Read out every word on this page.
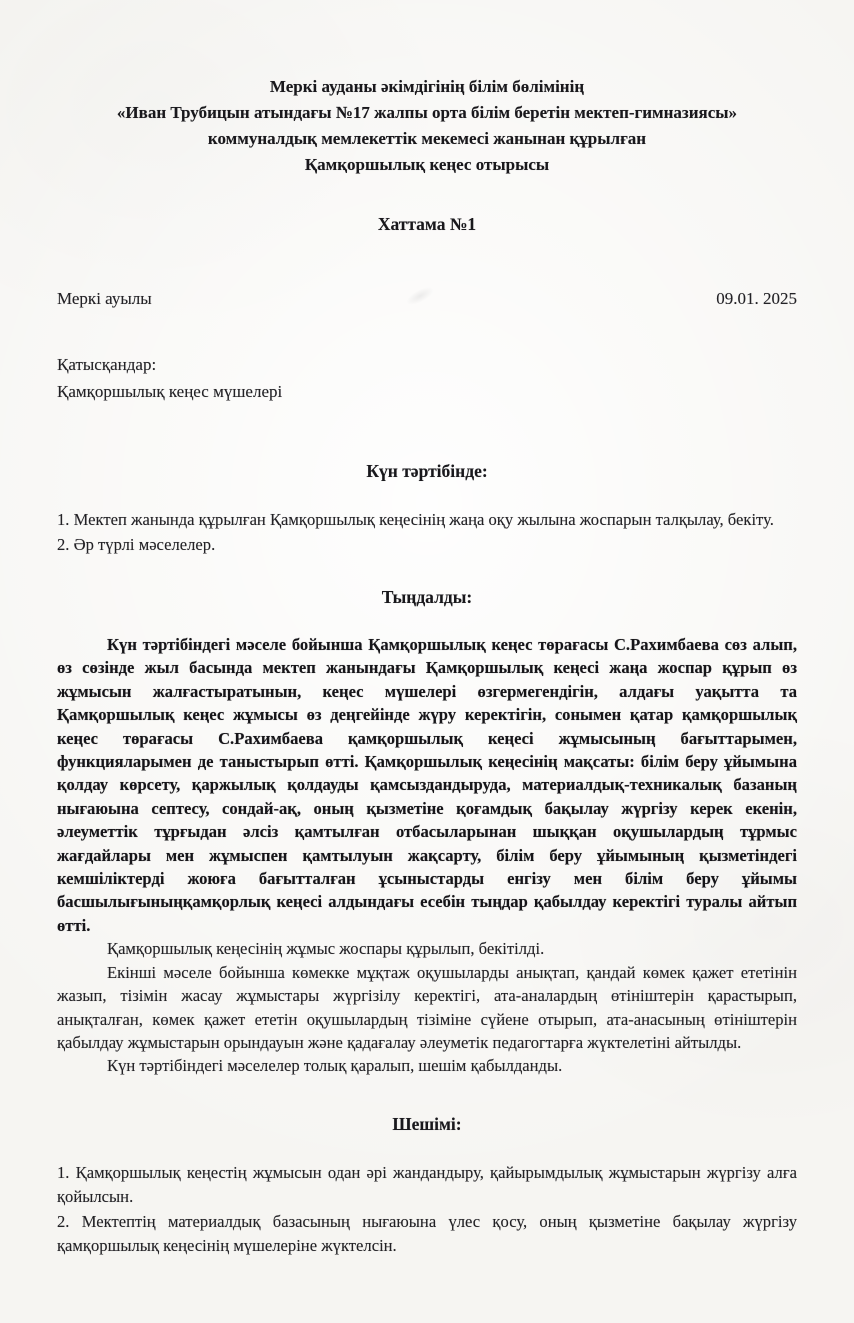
Меркі ауданы әкімдігінің білім бөлімінің
«Иван Трубицын атындағы №17 жалпы орта білім беретін мектеп-гимназиясы»
коммуналдық мемлекеттік мекемесі жанынан құрылған
Қамқоршылық кеңес отырысы
Хаттама №1
Меркі ауылы	09.01. 2025
Қатысқандар:
Қамқоршылық кеңес мүшелері
Күн тәртібінде:

1. Мектеп жанында құрылған Қамқоршылық кеңесінің жаңа оқу жылына жоспарын талқылау, бекіту.

2. Әр түрлі мәселелер.

Тыңдалды:

Күн тәртібіндегі мәселе бойынша Қамқоршылық кеңес төрағасы С.Рахимбаева сөз алып, өз сөзінде жыл басында мектеп жанындағы Қамқоршылық кеңесі жаңа жоспар құрып өз жұмысын жалғастыратынын, кеңес мүшелері өзгермегендігін, алдағы уақытта та Қамқоршылық кеңес жұмысы өз деңгейінде жүру керектігін, сонымен қатар қамқоршылық кеңес төрағасы С.Рахимбаева қамқоршылық кеңесі жұмысының бағыттарымен, функцияларымен де таныстырып өтті. Қамқоршылық кеңесінің мақсаты: білім беру ұйымына қолдау көрсету, қаржылық қолдауды қамсыздандыруда, материалдық-техникалық базаның нығаюына септесу, сондай-ақ, оның қызметіне қоғамдық бақылау жүргізу керек екенін, әлеуметтік тұрғыдан әлсіз қамтылған отбасыларынан шыққан оқушылардың тұрмыс жағдайлары мен жұмыспен қамтылуын жақсарту, білім беру ұйымының қызметіндегі кемшіліктерді жоюға бағытталған ұсыныстарды енгізу мен білім беру ұйымы басшылығыныңқамқорлық кеңесі алдындағы есебін тыңдар қабылдау керектігі туралы айтып өтті.

Қамқоршылық кеңесінің жұмыс жоспары құрылып, бекітілді.

Екінші мәселе бойынша көмекке мұқтаж оқушыларды анықтап, қандай көмек қажет ететінін жазып, тізімін жасау жұмыстары жүргізілу керектігі, ата-аналардың өтініштерін қарастырып, анықталған, көмек қажет ететін оқушылардың тізіміне сүйене отырып, ата-анасының өтініштерін қабылдау жұмыстарын орындауын және қадағалау әлеуметік педагогтарға жүктелетіні айтылды.

Күн тәртібіндегі мәселелер толық қаралып, шешім қабылданды.

Шешімі:

1. Қамқоршылық кеңестің жұмысын одан әрі жандандыру, қайырымдылық жұмыстарын жүргізу алға қойылсын.

2. Мектептің материалдық базасының нығаюына үлес қосу, оның қызметіне бақылау жүргізу қамқоршылық кеңесінің мүшелеріне жүктелсін.
